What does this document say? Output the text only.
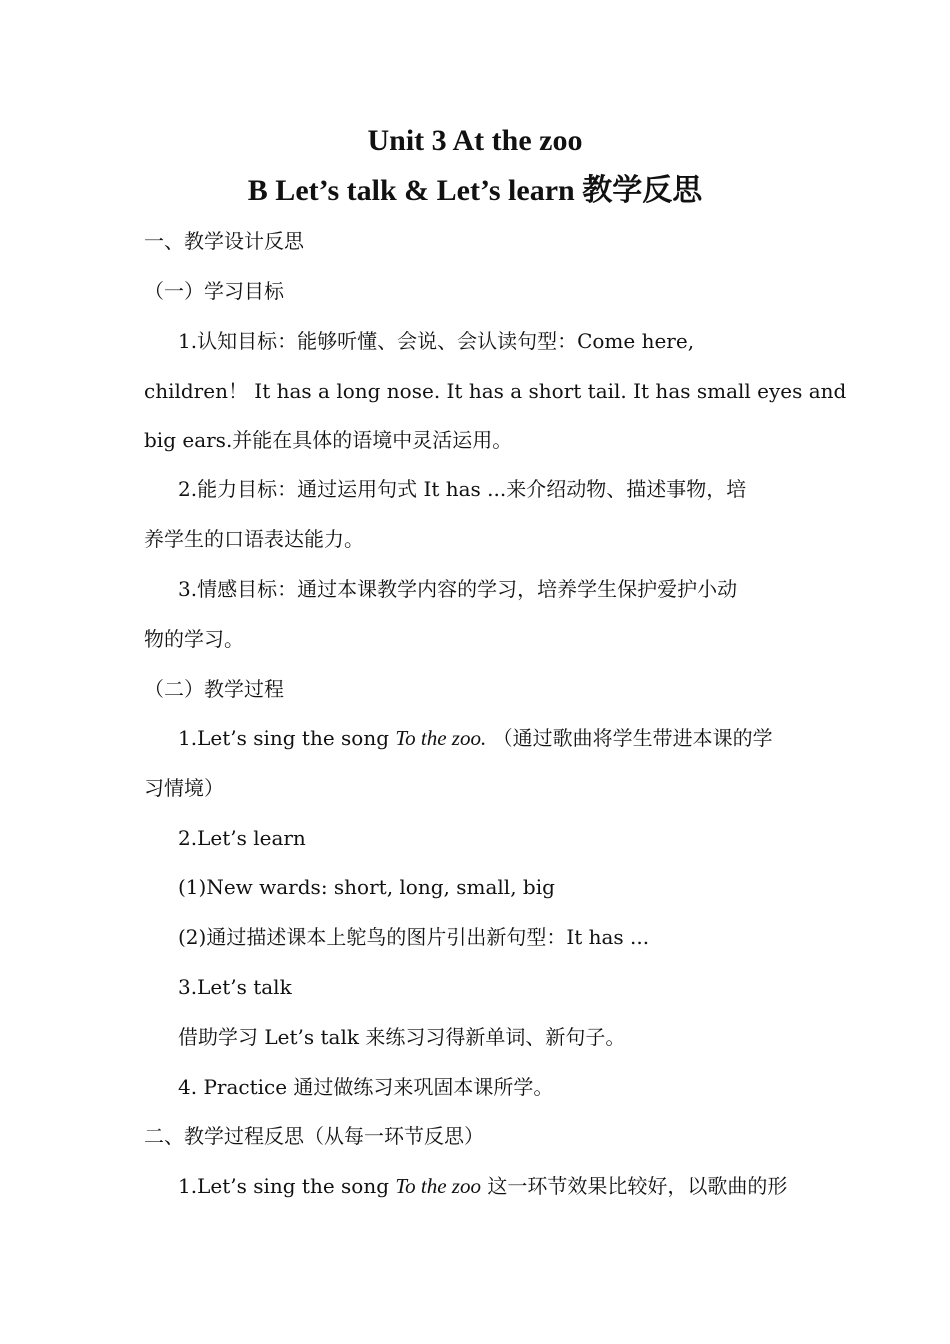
Unit 3 At the zoo
B Let’s talk & Let’s learn 教学反思
一、教学设计反思
（一）学习目标
1.认知目标：能够听懂、会说、会认读句型：Come here,
children！ It has a long nose. It has a short tail. It has small eyes and
big ears.并能在具体的语境中灵活运用。
2.能力目标：通过运用句式 It has ...来介绍动物、描述事物，培
养学生的口语表达能力。
3.情感目标：通过本课教学内容的学习，培养学生保护爱护小动
物的学习。
（二）教学过程
1.Let’s sing the song To the zoo. （通过歌曲将学生带进本课的学
习情境）
2.Let’s learn
(1)New wards: short, long, small, big
(2)通过描述课本上鸵鸟的图片引出新句型：It has ...
3.Let’s talk
借助学习 Let’s talk 来练习习得新单词、新句子。
4. Practice 通过做练习来巩固本课所学。
二、教学过程反思（从每一环节反思）
1.Let’s sing the song To the zoo 这一环节效果比较好，以歌曲的形
